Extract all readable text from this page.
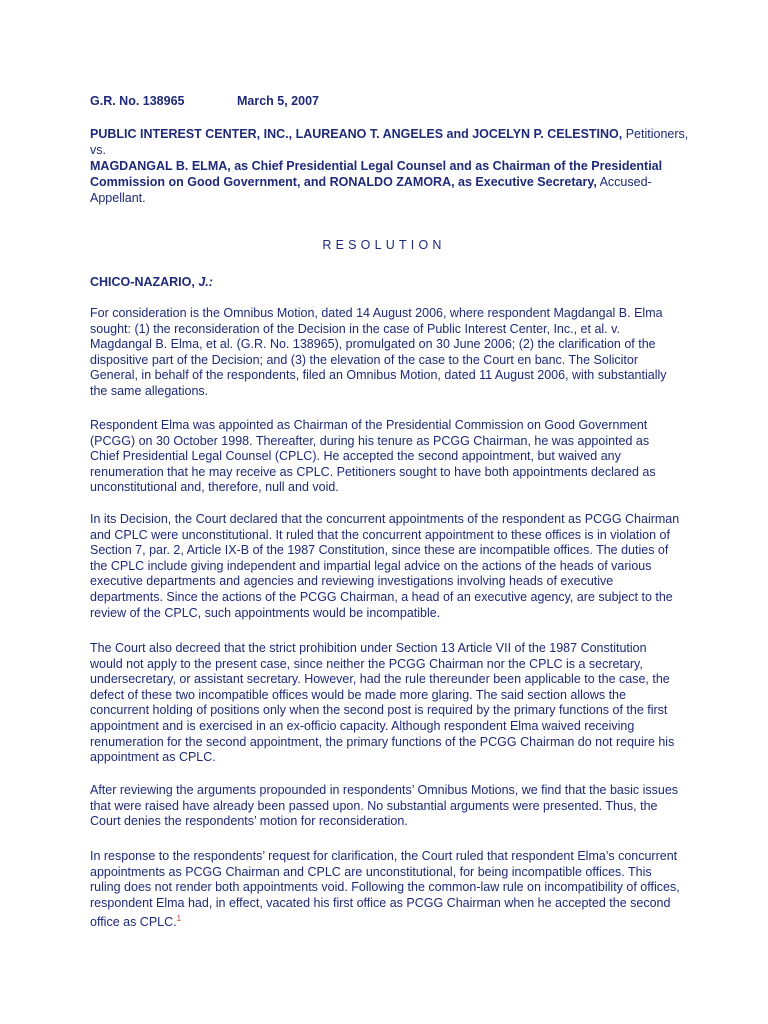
G.R. No. 138965	March 5, 2007
PUBLIC INTEREST CENTER, INC., LAUREANO T. ANGELES and JOCELYN P. CELESTINO, Petitioners,
vs.
MAGDANGAL B. ELMA, as Chief Presidential Legal Counsel and as Chairman of the Presidential Commission on Good Government, and RONALDO ZAMORA, as Executive Secretary, Accused-Appellant.
RESOLUTION
CHICO-NAZARIO, J.:

For consideration is the Omnibus Motion, dated 14 August 2006, where respondent Magdangal B. Elma sought: (1) the reconsideration of the Decision in the case of Public Interest Center, Inc., et al. v. Magdangal B. Elma, et al. (G.R. No. 138965), promulgated on 30 June 2006; (2) the clarification of the dispositive part of the Decision; and (3) the elevation of the case to the Court en banc. The Solicitor General, in behalf of the respondents, filed an Omnibus Motion, dated 11 August 2006, with substantially the same allegations.

Respondent Elma was appointed as Chairman of the Presidential Commission on Good Government (PCGG) on 30 October 1998. Thereafter, during his tenure as PCGG Chairman, he was appointed as Chief Presidential Legal Counsel (CPLC). He accepted the second appointment, but waived any renumeration that he may receive as CPLC. Petitioners sought to have both appointments declared as unconstitutional and, therefore, null and void.

In its Decision, the Court declared that the concurrent appointments of the respondent as PCGG Chairman and CPLC were unconstitutional. It ruled that the concurrent appointment to these offices is in violation of Section 7, par. 2, Article IX-B of the 1987 Constitution, since these are incompatible offices. The duties of the CPLC include giving independent and impartial legal advice on the actions of the heads of various executive departments and agencies and reviewing investigations involving heads of executive departments. Since the actions of the PCGG Chairman, a head of an executive agency, are subject to the review of the CPLC, such appointments would be incompatible.

The Court also decreed that the strict prohibition under Section 13 Article VII of the 1987 Constitution would not apply to the present case, since neither the PCGG Chairman nor the CPLC is a secretary, undersecretary, or assistant secretary. However, had the rule thereunder been applicable to the case, the defect of these two incompatible offices would be made more glaring. The said section allows the concurrent holding of positions only when the second post is required by the primary functions of the first appointment and is exercised in an ex-officio capacity. Although respondent Elma waived receiving renumeration for the second appointment, the primary functions of the PCGG Chairman do not require his appointment as CPLC.

After reviewing the arguments propounded in respondents’ Omnibus Motions, we find that the basic issues that were raised have already been passed upon. No substantial arguments were presented. Thus, the Court denies the respondents’ motion for reconsideration.

In response to the respondents’ request for clarification, the Court ruled that respondent Elma’s concurrent appointments as PCGG Chairman and CPLC are unconstitutional, for being incompatible offices. This ruling does not render both appointments void. Following the common-law rule on incompatibility of offices, respondent Elma had, in effect, vacated his first office as PCGG Chairman when he accepted the second office as CPLC.$^1$
